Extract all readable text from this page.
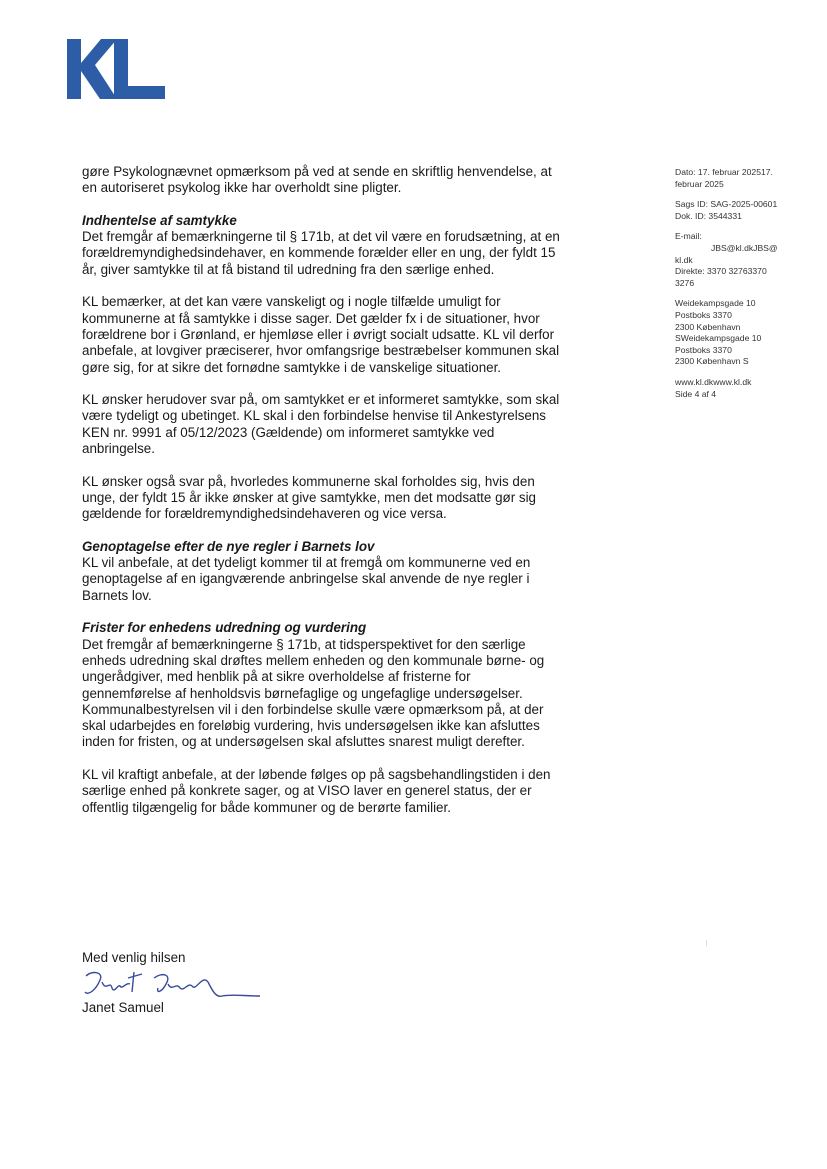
Dato: 17. februar 202517.
februar 2025
Sags ID: SAG-2025-00601
Dok. ID: 3544331
E-mail:
JBS@kl.dkJBS@
kl.dk
Direkte: 3370 32763370
3276
Weidekampsgade 10
Postboks 3370
2300 København
SWeidekampsgade 10
Postboks 3370
2300 København S
www.kl.dkwww.kl.dk
Side 4 af 4

gøre Psykolognævnet opmærksom på ved at sende en skriftlig henvendelse, at en autoriseret psykolog ikke har overholdt sine pligter.

Indhentelse af samtykke

Det fremgår af bemærkningerne til § 171b, at det vil være en forudsætning, at en forældremyndighedsindehaver, en kommende forælder eller en ung, der fyldt 15 år, giver samtykke til at få bistand til udredning fra den særlige enhed.

KL bemærker, at det kan være vanskeligt og i nogle tilfælde umuligt for kommunerne at få samtykke i disse sager. Det gælder fx i de situationer, hvor forældrene bor i Grønland, er hjemløse eller i øvrigt socialt udsatte. KL vil derfor anbefale, at lovgiver præciserer, hvor omfangsrige bestræbelser kommunen skal gøre sig, for at sikre det fornødne samtykke i de vanskelige situationer.

KL ønsker herudover svar på, om samtykket er et informeret samtykke, som skal være tydeligt og ubetinget. KL skal i den forbindelse henvise til Ankestyrelsens KEN nr. 9991 af 05/12/2023 (Gældende) om informeret samtykke ved anbringelse.

KL ønsker også svar på, hvorledes kommunerne skal forholdes sig, hvis den unge, der fyldt 15 år ikke ønsker at give samtykke, men det modsatte gør sig gældende for forældremyndighedsindehaveren og vice versa.

Genoptagelse efter de nye regler i Barnets lov

KL vil anbefale, at det tydeligt kommer til at fremgå om kommunerne ved en genoptagelse af en igangværende anbringelse skal anvende de nye regler i Barnets lov.

Frister for enhedens udredning og vurdering

Det fremgår af bemærkningerne § 171b, at tidsperspektivet for den særlige enheds udredning skal drøftes mellem enheden og den kommunale børne- og ungerådgiver, med henblik på at sikre overholdelse af fristerne for gennemførelse af henholdsvis børnefaglige og ungefaglige undersøgelser. Kommunalbestyrelsen vil i den forbindelse skulle være opmærksom på, at der skal udarbejdes en foreløbig vurdering, hvis undersøgelsen ikke kan afsluttes inden for fristen, og at undersøgelsen skal afsluttes snarest muligt derefter.

KL vil kraftigt anbefale, at der løbende følges op på sagsbehandlingstiden i den særlige enhed på konkrete sager, og at VISO laver en generel status, der er offentlig tilgængelig for både kommuner og de berørte familier.

Med venlig hilsen
Janet Samuel
